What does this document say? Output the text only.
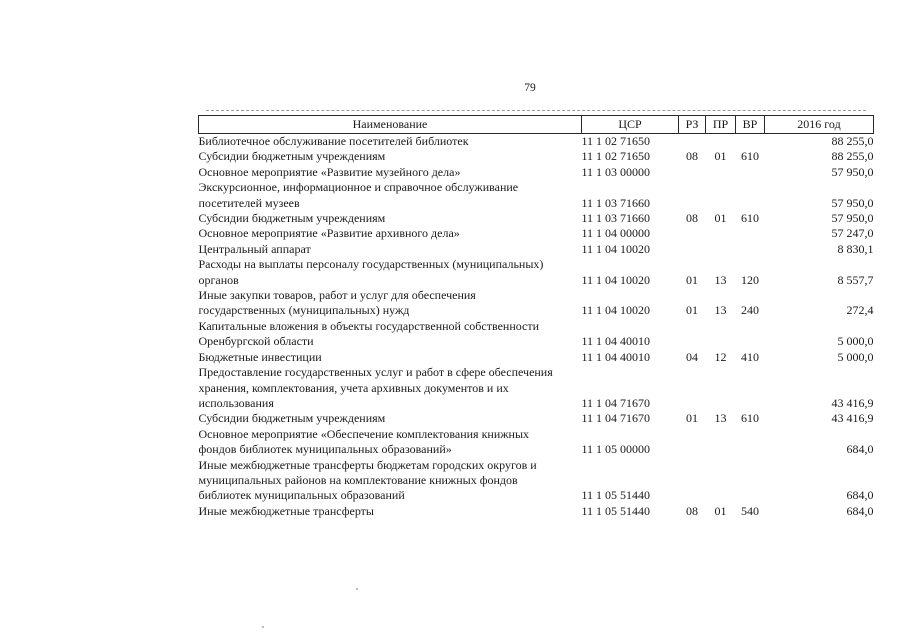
79
Наименование	ЦСР	РЗ	ПР	ВР	2016 год

Библиотечное обслуживание посетителей библиотек	11 1 02 71650				88 255,0

Субсидии бюджетным учреждениям	11 1 02 71650	08	01	610	88 255,0

Основное мероприятие «Развитие музейного дела»	11 1 03 00000				57 950,0

Экскурсионное, информационное и справочное обслуживание
посетителей музеев	11 1 03 71660				57 950,0

Субсидии бюджетным учреждениям	11 1 03 71660	08	01	610	57 950,0

Основное мероприятие «Развитие архивного дела»	11 1 04 00000				57 247,0

Центральный аппарат	11 1 04 10020				8 830,1

Расходы на выплаты персоналу государственных (муниципальных)
органов	11 1 04 10020	01	13	120	8 557,7

Иные закупки товаров, работ и услуг для обеспечения
государственных (муниципальных) нужд	11 1 04 10020	01	13	240	272,4

Капитальные вложения в объекты государственной собственности
Оренбургской области	11 1 04 40010				5 000,0

Бюджетные инвестиции	11 1 04 40010	04	12	410	5 000,0

Предоставление государственных услуг и работ в сфере обеспечения
хранения, комплектования, учета архивных документов и их
использования	11 1 04 71670				43 416,9

Субсидии бюджетным учреждениям	11 1 04 71670	01	13	610	43 416,9

Основное мероприятие «Обеспечение комплектования книжных
фондов библиотек муниципальных образований»	11 1 05 00000				684,0

Иные межбюджетные трансферты бюджетам городских округов и
муниципальных районов на комплектование книжных фондов
библиотек муниципальных образований	11 1 05 51440				684,0

Иные межбюджетные трансферты	11 1 05 51440	08	01	540	684,0
